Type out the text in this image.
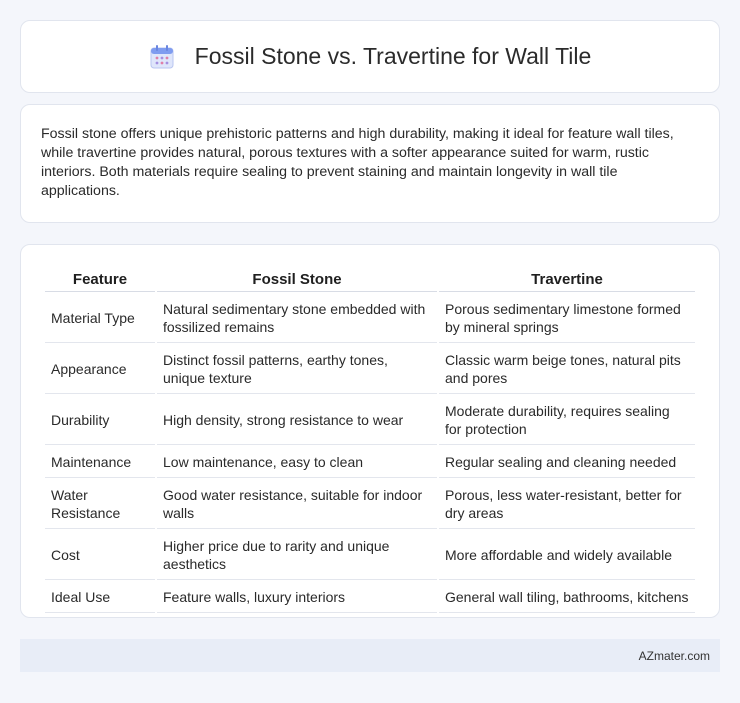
Fossil Stone vs. Travertine for Wall Tile

Fossil stone offers unique prehistoric patterns and high durability, making it ideal for feature wall tiles, while travertine provides natural, porous textures with a softer appearance suited for warm, rustic interiors. Both materials require sealing to prevent staining and maintain longevity in wall tile applications.

Feature	Fossil Stone	Travertine
Material Type	Natural sedimentary stone embedded with fossilized remains	Porous sedimentary limestone formed by mineral springs
Appearance	Distinct fossil patterns, earthy tones, unique texture	Classic warm beige tones, natural pits and pores
Durability	High density, strong resistance to wear	Moderate durability, requires sealing for protection
Maintenance	Low maintenance, easy to clean	Regular sealing and cleaning needed
Water Resistance	Good water resistance, suitable for indoor walls	Porous, less water-resistant, better for dry areas
Cost	Higher price due to rarity and unique aesthetics	More affordable and widely available
Ideal Use	Feature walls, luxury interiors	General wall tiling, bathrooms, kitchens
AZmater.com
